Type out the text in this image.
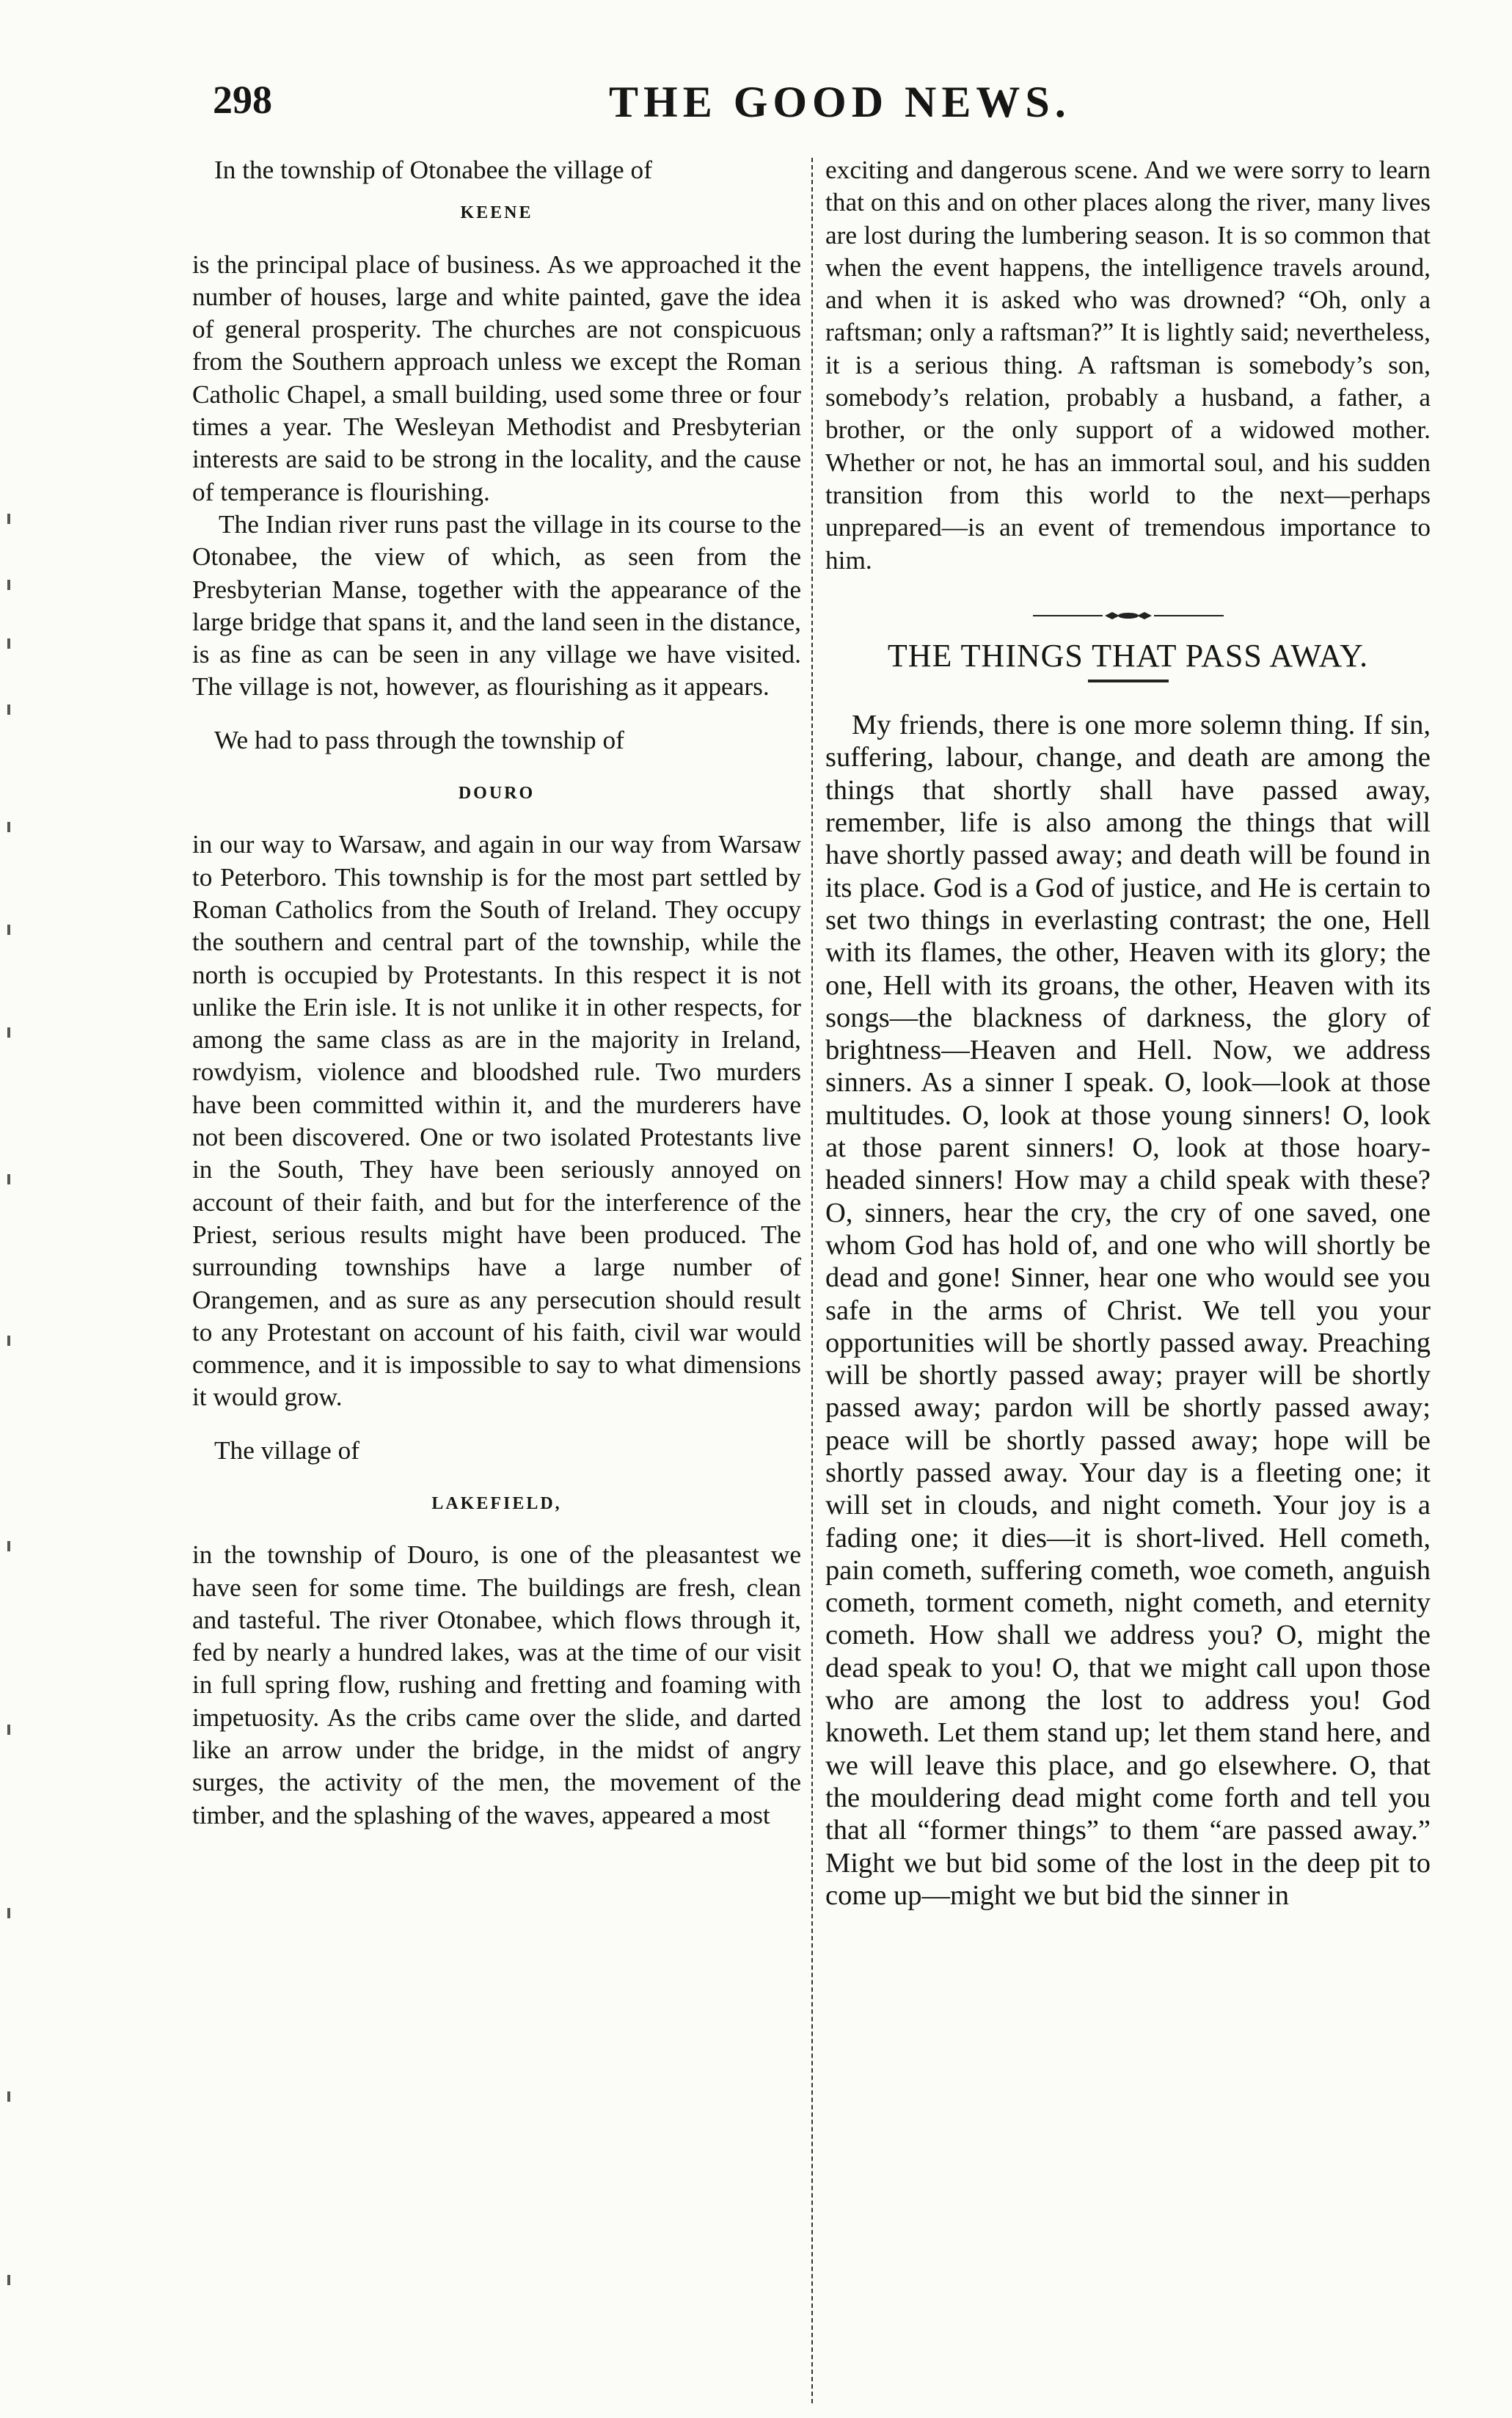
298	THE GOOD NEWS.

In the township of Otonabee the village of

KEENE

is the principal place of business. As we approached it the number of houses, large and white painted, gave the idea of general prosperity. The churches are not conspicuous from the Southern approach unless we except the Roman Catholic Chapel, a small building, used some three or four times a year. The Wesleyan Methodist and Presbyterian interests are said to be strong in the locality, and the cause of temperance is flourishing.

The Indian river runs past the village in its course to the Otonabee, the view of which, as seen from the Presbyterian Manse, together with the appearance of the large bridge that spans it, and the land seen in the distance, is as fine as can be seen in any village we have visited. The village is not, however, as flourishing as it appears.

We had to pass through the township of

DOURO

in our way to Warsaw, and again in our way from Warsaw to Peterboro. This township is for the most part settled by Roman Catholics from the South of Ireland. They occupy the southern and central part of the township, while the north is occupied by Protestants. In this respect it is not unlike the Erin isle. It is not unlike it in other respects, for among the same class as are in the majority in Ireland, rowdyism, violence and bloodshed rule. Two murders have been committed within it, and the murderers have not been discovered. One or two isolated Protestants live in the South, They have been seriously annoyed on account of their faith, and but for the interference of the Priest, serious results might have been produced. The surrounding townships have a large number of Orangemen, and as sure as any persecution should result to any Protestant on account of his faith, civil war would commence, and it is impossible to say to what dimensions it would grow.

The village of

LAKEFIELD,

in the township of Douro, is one of the pleasantest we have seen for some time. The buildings are fresh, clean and tasteful. The river Otonabee, which flows through it, fed by nearly a hundred lakes, was at the time of our visit in full spring flow, rushing and fretting and foaming with impetuosity. As the cribs came over the slide, and darted like an arrow under the bridge, in the midst of angry surges, the activity of the men, the movement of the timber, and the splashing of the waves, appeared a most

exciting and dangerous scene. And we were sorry to learn that on this and on other places along the river, many lives are lost during the lumbering season. It is so common that when the event happens, the intelligence travels around, and when it is asked who was drowned? “Oh, only a raftsman; only a raftsman?” It is lightly said; nevertheless, it is a serious thing. A raftsman is somebody’s son, somebody’s relation, probably a husband, a father, a brother, or the only support of a widowed mother. Whether or not, he has an immortal soul, and his sudden transition from this world to the next—perhaps unprepared—is an event of tremendous importance to him.

THE THINGS THAT PASS AWAY.

My friends, there is one more solemn thing. If sin, suffering, labour, change, and death are among the things that shortly shall have passed away, remember, life is also among the things that will have shortly passed away; and death will be found in its place. God is a God of justice, and He is certain to set two things in everlasting contrast; the one, Hell with its flames, the other, Heaven with its glory; the one, Hell with its groans, the other, Heaven with its songs—the blackness of darkness, the glory of brightness—Heaven and Hell. Now, we address sinners. As a sinner I speak. O, look—look at those multitudes. O, look at those young sinners! O, look at those parent sinners! O, look at those hoary-headed sinners! How may a child speak with these? O, sinners, hear the cry, the cry of one saved, one whom God has hold of, and one who will shortly be dead and gone! Sinner, hear one who would see you safe in the arms of Christ. We tell you your opportunities will be shortly passed away. Preaching will be shortly passed away; prayer will be shortly passed away; pardon will be shortly passed away; peace will be shortly passed away; hope will be shortly passed away. Your day is a fleeting one; it will set in clouds, and night cometh. Your joy is a fading one; it dies—it is short-lived. Hell cometh, pain cometh, suffering cometh, woe cometh, anguish cometh, torment cometh, night cometh, and eternity cometh. How shall we address you? O, might the dead speak to you! O, that we might call upon those who are among the lost to address you! God knoweth. Let them stand up; let them stand here, and we will leave this place, and go elsewhere. O, that the mouldering dead might come forth and tell you that all “former things” to them “are passed away.” Might we but bid some of the lost in the deep pit to come up—might we but bid the sinner in
